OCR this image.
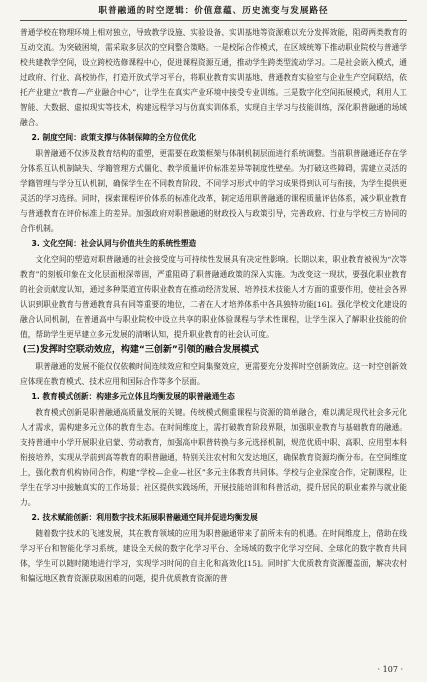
职普融通的时空逻辑：价值意蕴、历史流变与发展路径

普通学校在物理环境上相对独立，导致教学设施、实验设备、实训基地等资源难以充分发挥效能，阻碍两类教育的互动交流。为突破困境，需采取多层次的空间整合策略。一是校际合作模式，在区域统筹下推动职业院校与普通学校共建教学空间，设立跨校选修课程中心，促进课程资源互通，推动学生跨类型流动学习。二是社会嵌入模式，通过政府、行业、高校协作，打造开放式学习平台，将职业教育实训基地、普通教育实验室与企业生产空间联结，依托产业建立“教育—产业融合中心”，让学生在真实产业环境中接受专业训练。三是数字化空间拓展模式，利用人工智能、大数据、虚拟现实等技术，构建远程学习与仿真实训体系，实现自主学习与技能训练，深化职普融通的场域融合。

2. 制度空间：政策支撑与体制保障的全方位优化

职普融通不仅涉及教育结构的重塑，更需要在政策框架与体制机制层面进行系统调整。当前职普融通还存在学分体系互认机制缺失、学籍管理方式僵化、教学质量评价标准差异等制度性壁垒。为打破这些障碍，需建立灵活的学籍管理与学分互认机制，确保学生在不同教育阶段、不同学习形式中的学习成果得到认可与衔接，为学生提供更灵活的学习选择。同时，探索课程评价体系的标准化改革，制定适用职普融通的课程质量评估体系，减少职业教育与普通教育在评价标准上的差异。加强政府对职普融通的财政投入与政策引导，完善政府、行业与学校三方协同的合作机制。

3. 文化空间：社会认同与价值共生的系统性塑造

文化空间的塑造对职普融通的社会接受度与可持续性发展具有决定性影响。长期以来，职业教育被视为“次等教育”的刻板印象在文化层面根深蒂固，严重阻碍了职普融通政策的深入实施。为改变这一现状，要强化职业教育的社会贡献度认知，通过多种渠道宣传职业教育在推动经济发展、培养技术技能人才方面的重要作用，使社会各界认识到职业教育与普通教育具有同等重要的地位，二者在人才培养体系中各具独特功能[16]。强化学校文化建设的融合认同机制，在普通高中与职业院校中设立共享的职业体验课程与学术性课程，让学生深入了解职业技能的价值，帮助学生更早建立多元发展的清晰认知，提升职业教育的社会认可度。

(三)发挥时空联动效应，构建“三创新”引领的融合发展模式

职普融通的发展不能仅仅依赖时间连续效应和空间集聚效应，更需要充分发挥时空创新效应。这一时空创新效应体现在教育模式、技术应用和国际合作等多个层面。

1. 教育模式创新：构建多元立体且均衡发展的职普融通生态

教育模式创新是职普融通高质量发展的关键。传统模式侧重课程与资源的简单融合，难以满足现代社会多元化人才需求，需构建多元立体的教育生态。在时间维度上，需打破教育阶段界限，加强职业教育与基础教育的融通。支持普通中小学开展职业启蒙、劳动教育，加强高中职普转换与多元选择机制，规范优质中职、高职、应用型本科衔接培养，实现从学前到高等教育的职普融通，特别关注农村和欠发达地区，确保教育资源均衡分布。在空间维度上，强化教育机构协同合作，构建“学校—企业—社区”多元主体教育共同体。学校与企业深度合作，定制课程，让学生在学习中接触真实的工作场景；社区提供实践场所，开展技能培训和科普活动，提升居民的职业素养与就业能力。

2. 技术赋能创新：利用数字技术拓展职普融通空间并促进均衡发展

随着数字技术的飞速发展，其在教育领域的应用为职普融通带来了前所未有的机遇。在时间维度上，借助在线学习平台和智能化学习系统，建设全天候的数字化学习平台、全场域的数字化学习空间、全球化的数字教育共同体，学生可以随时随地进行学习，实现学习时间的自主化和高效化[15]。同时扩大优质教育资源覆盖面，解决农村和偏远地区教育资源获取困难的问题，提升优质教育资源的普

· 107 ·
